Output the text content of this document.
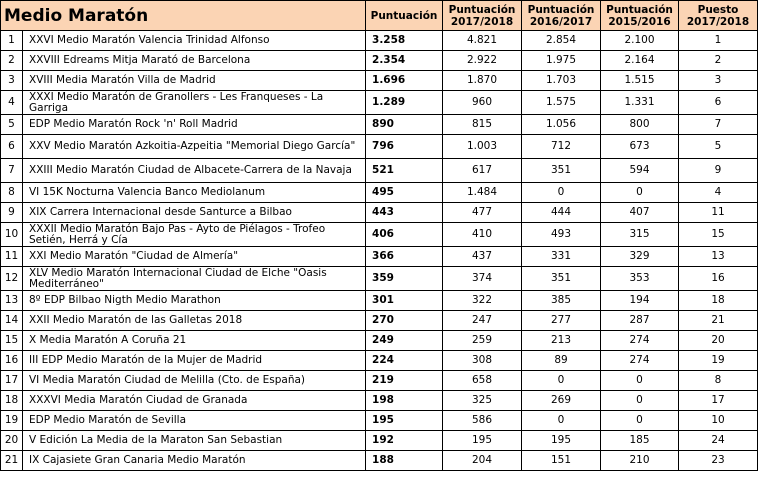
Medio Maratón		Puntuación	Puntuación 2017/2018	Puntuación 2016/2017	Puntuación 2015/2016	Puesto 2017/2018
1	XXVI Medio Maratón Valencia Trinidad Alfonso	3.258	4.821	2.854	2.100	1
2	XXVIII Edreams Mitja Marató de Barcelona	2.354	2.922	1.975	2.164	2
3	XVIII Media Maratón Villa de Madrid	1.696	1.870	1.703	1.515	3
4	XXXI Medio Maratón de Granollers - Les Franqueses - La Garriga	1.289	960	1.575	1.331	6
5	EDP Medio Maratón Rock 'n' Roll Madrid	890	815	1.056	800	7
6	XXV Medio Maratón Azkoitia-Azpeitia "Memorial Diego García"	796	1.003	712	673	5
7	XXIII Medio Maratón Ciudad de Albacete-Carrera de la Navaja	521	617	351	594	9
8	VI 15K Nocturna Valencia Banco Mediolanum	495	1.484	0	0	4
9	XIX Carrera Internacional desde Santurce a Bilbao	443	477	444	407	11
10	XXXII Medio Maratón Bajo Pas - Ayto de Piélagos - Trofeo Setién, Herrá y Cía	406	410	493	315	15
11	XXI Medio Maratón "Ciudad de Almería"	366	437	331	329	13
12	XLV Medio Maratón Internacional Ciudad de Elche "Oasis Mediterráneo"	359	374	351	353	16
13	8º EDP Bilbao Nigth Medio Marathon	301	322	385	194	18
14	XXII Medio Maratón de las Galletas 2018	270	247	277	287	21
15	X Media Maratón A Coruña 21	249	259	213	274	20
16	III EDP Medio Maratón de la Mujer de Madrid	224	308	89	274	19
17	VI Media Maratón Ciudad de Melilla (Cto. de España)	219	658	0	0	8
18	XXXVI Media Maratón Ciudad de Granada	198	325	269	0	17
19	EDP Medio Maratón de Sevilla	195	586	0	0	10
20	V Edición La Media de la Maraton San Sebastian	192	195	195	185	24
21	IX Cajasiete Gran Canaria Medio Maratón	188	204	151	210	23
